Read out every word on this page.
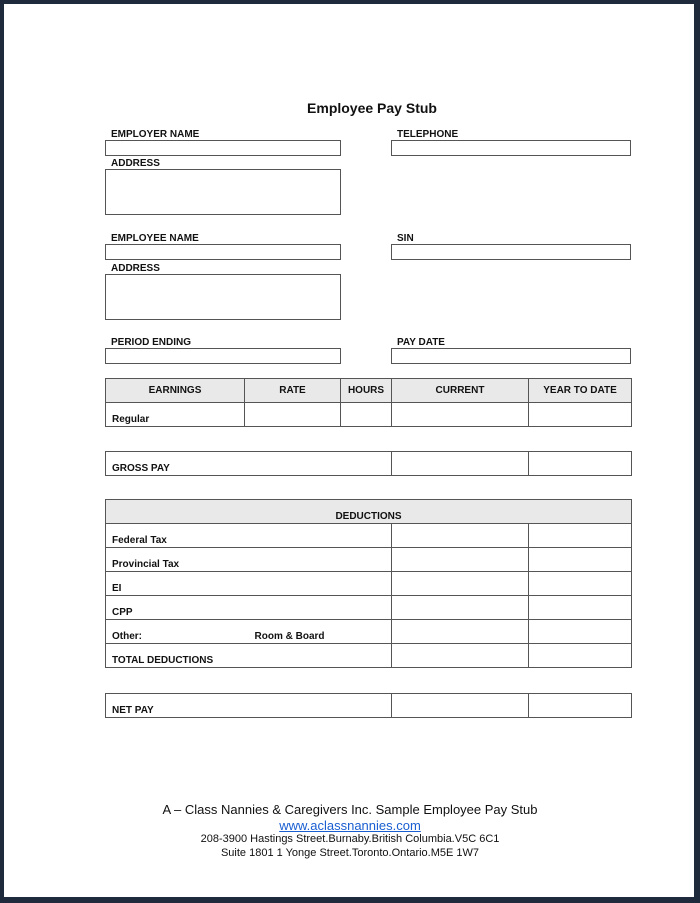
Employee Pay Stub
EMPLOYER NAME	TELEPHONE
ADDRESS
EMPLOYEE NAME	SIN
ADDRESS
PERIOD ENDING	PAY DATE
EARNINGS	RATE	HOURS	CURRENT	YEAR TO DATE
Regular				
GROSS PAY		
DEDUCTIONS			
Federal Tax			
Provincial Tax			
EI			
CPP			
Other:	Room & Board		
TOTAL DEDUCTIONS			
NET PAY		
A – Class Nannies & Caregivers Inc. Sample Employee Pay Stub
www.aclassnannies.com
208-3900 Hastings Street.Burnaby.British Columbia.V5C 6C1
Suite 1801 1 Yonge Street.Toronto.Ontario.M5E 1W7
